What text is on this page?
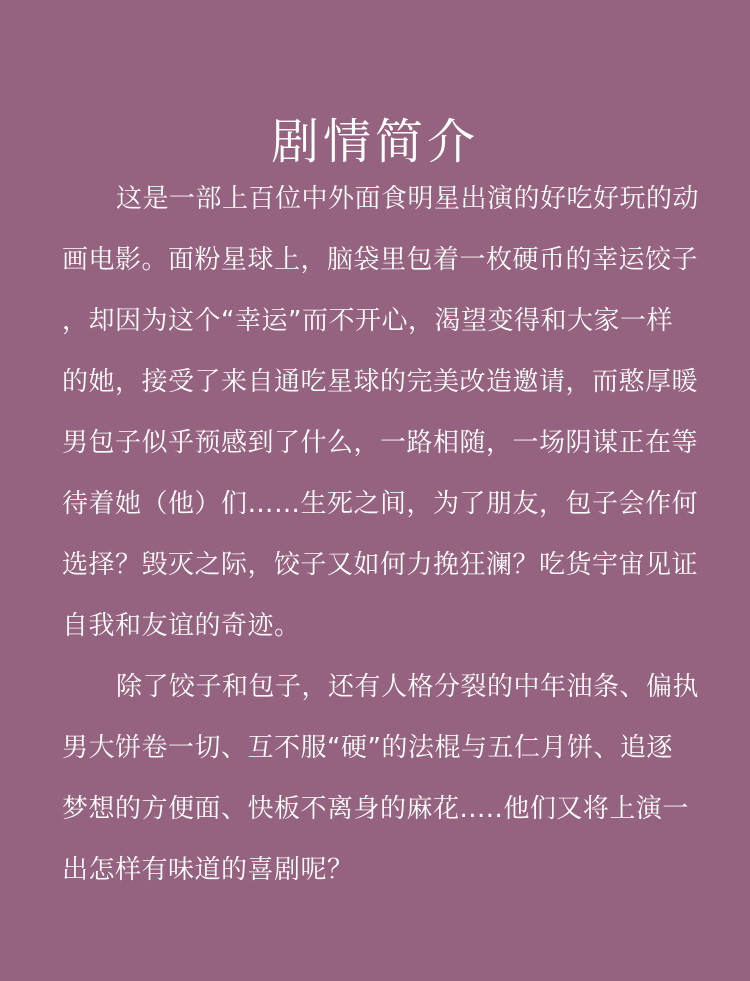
剧情简介
这是一部上百位中外面食明星出演的好吃好玩的动
画电影。面粉星球上，脑袋里包着一枚硬币的幸运饺子
，却因为这个“幸运”而不开心，渴望变得和大家一样
的她，接受了来自通吃星球的完美改造邀请，而憨厚暖
男包子似乎预感到了什么，一路相随，一场阴谋正在等
待着她（他）们……生死之间，为了朋友，包子会作何
选择？毁灭之际，饺子又如何力挽狂澜？吃货宇宙见证
自我和友谊的奇迹。
除了饺子和包子，还有人格分裂的中年油条、偏执
男大饼卷一切、互不服“硬”的法棍与五仁月饼、追逐
梦想的方便面、快板不离身的麻花.....他们又将上演一
出怎样有味道的喜剧呢？
